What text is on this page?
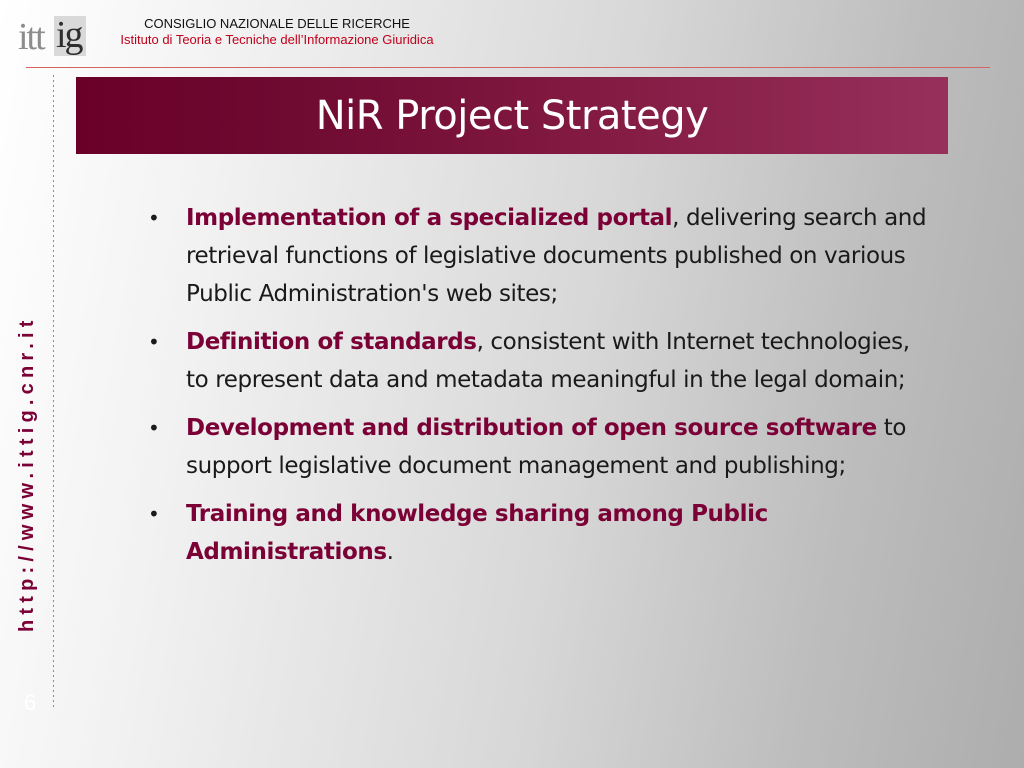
itt ig	CONSIGLIO NAZIONALE DELLE RICERCHE
Istituto di Teoria e Tecniche dell’Informazione Giuridica
http://www.ittig.cnr.it
6
NiR Project Strategy
• Implementation of a specialized portal, delivering search and retrieval functions of legislative documents published on various Public Administration's web sites;
• Definition of standards, consistent with Internet technologies, to represent data and metadata meaningful in the legal domain;
• Development and distribution of open source software to support legislative document management and publishing;
• Training and knowledge sharing among Public Administrations.
